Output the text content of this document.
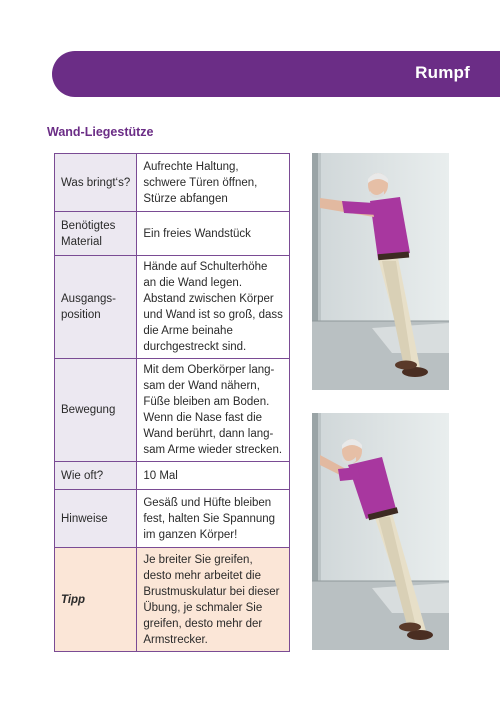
Rumpf
Wand-Liegestütze
Was bringt‘s?	Aufrechte Haltung, schwere Türen öffnen, Stürze abfangen
Benötigtes Material	Ein freies Wandstück
Ausgangs-position	Hände auf Schulterhöhe an die Wand legen. Abstand zwischen Körper und Wand ist so groß, dass die Arme beinahe durchgestreckt sind.
Bewegung	Mit dem Oberkörper lang-sam der Wand nähern, Füße bleiben am Boden. Wenn die Nase fast die Wand berührt, dann lang-sam Arme wieder strecken.
Wie oft?	10 Mal
Hinweise	Gesäß und Hüfte bleiben fest, halten Sie Spannung im ganzen Körper!
Tipp	Je breiter Sie greifen, desto mehr arbeitet die Brustmuskulatur bei dieser Übung, je schmaler Sie greifen, desto mehr der Armstrecker.
